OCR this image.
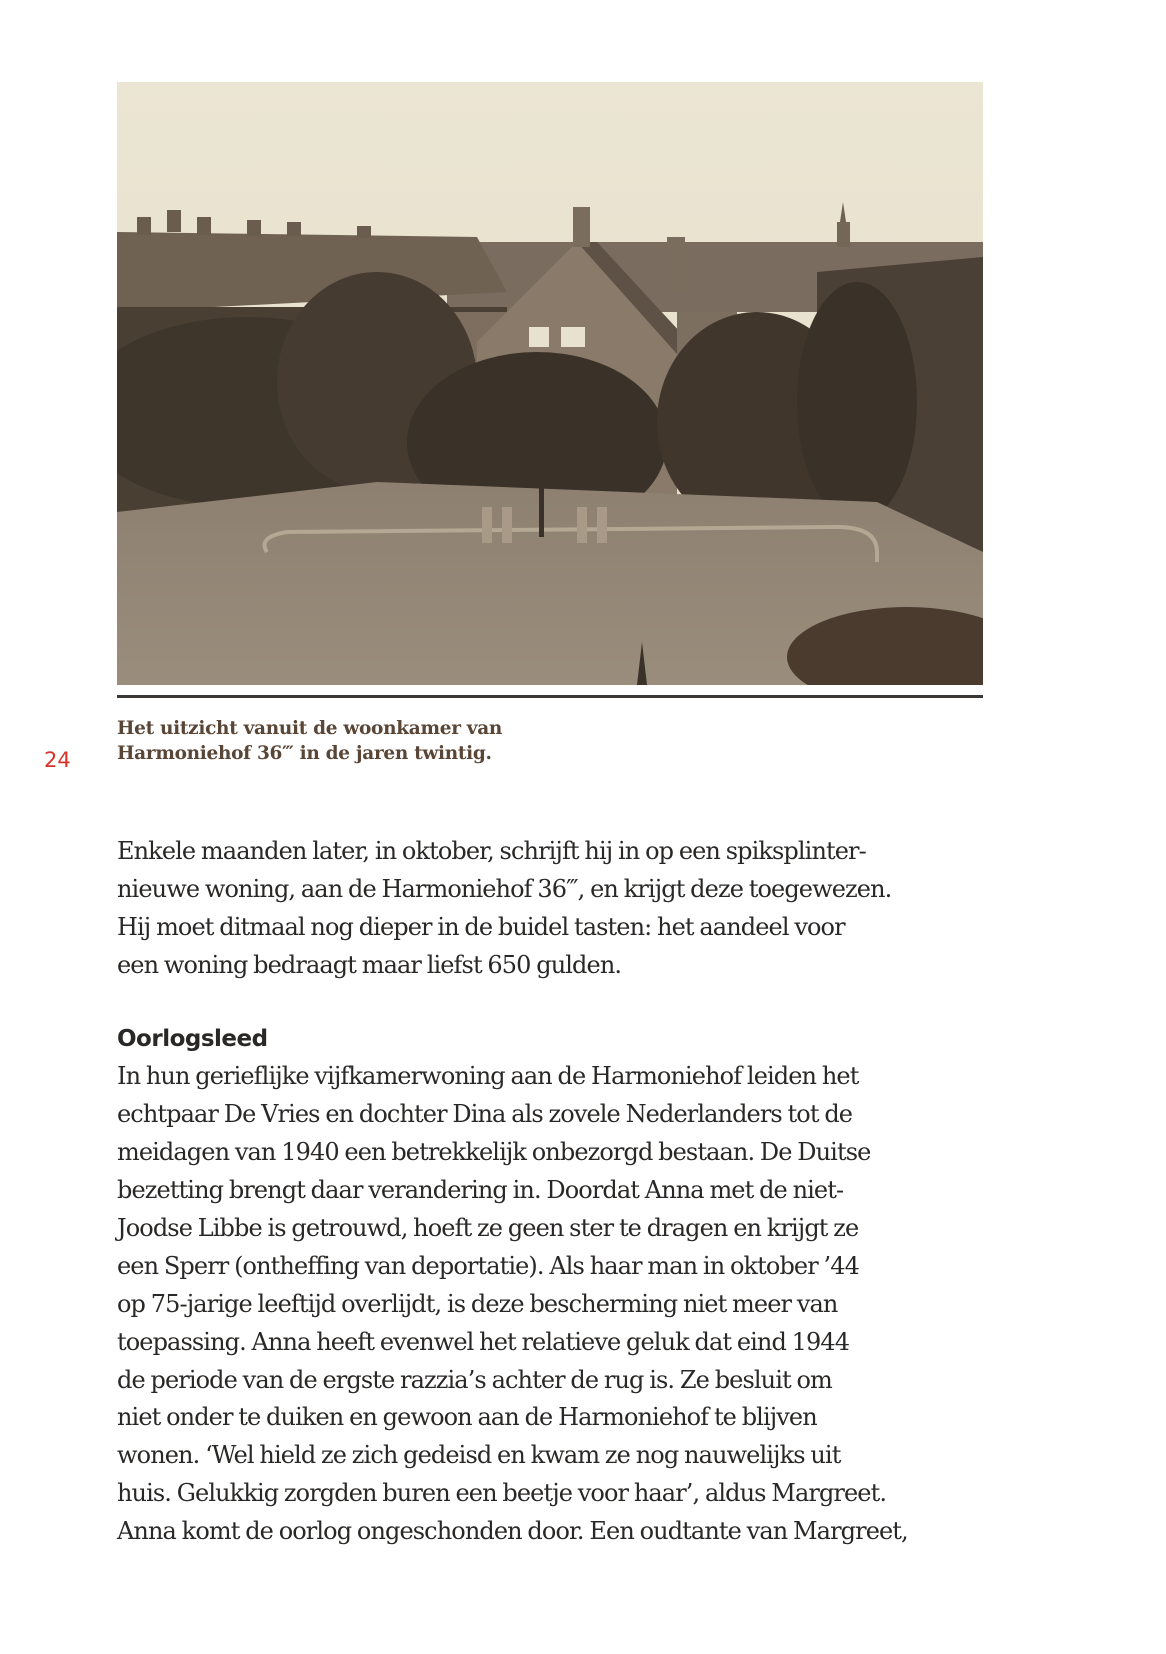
Het uitzicht vanuit de woonkamer van
Harmoniehof 36‴ in de jaren twintig.
24
Enkele maanden later, in oktober, schrijft hij in op een spiksplinter-
nieuwe woning, aan de Harmoniehof 36‴, en krijgt deze toegewezen.
Hij moet ditmaal nog dieper in de buidel tasten: het aandeel voor
een woning bedraagt maar liefst 650 gulden.
Oorlogsleed
In hun gerieflijke vijfkamerwoning aan de Harmoniehof leiden het
echtpaar De Vries en dochter Dina als zovele Nederlanders tot de
meidagen van 1940 een betrekkelijk onbezorgd bestaan. De Duitse
bezetting brengt daar verandering in. Doordat Anna met de niet-
Joodse Libbe is getrouwd, hoeft ze geen ster te dragen en krijgt ze
een Sperr (ontheffing van deportatie). Als haar man in oktober ’44
op 75-jarige leeftijd overlijdt, is deze bescherming niet meer van
toepassing. Anna heeft evenwel het relatieve geluk dat eind 1944
de periode van de ergste razzia’s achter de rug is. Ze besluit om
niet onder te duiken en gewoon aan de Harmoniehof te blijven
wonen. ‘Wel hield ze zich gedeisd en kwam ze nog nauwelijks uit
huis. Gelukkig zorgden buren een beetje voor haar’, aldus Margreet.
Anna komt de oorlog ongeschonden door. Een oudtante van Margreet,
